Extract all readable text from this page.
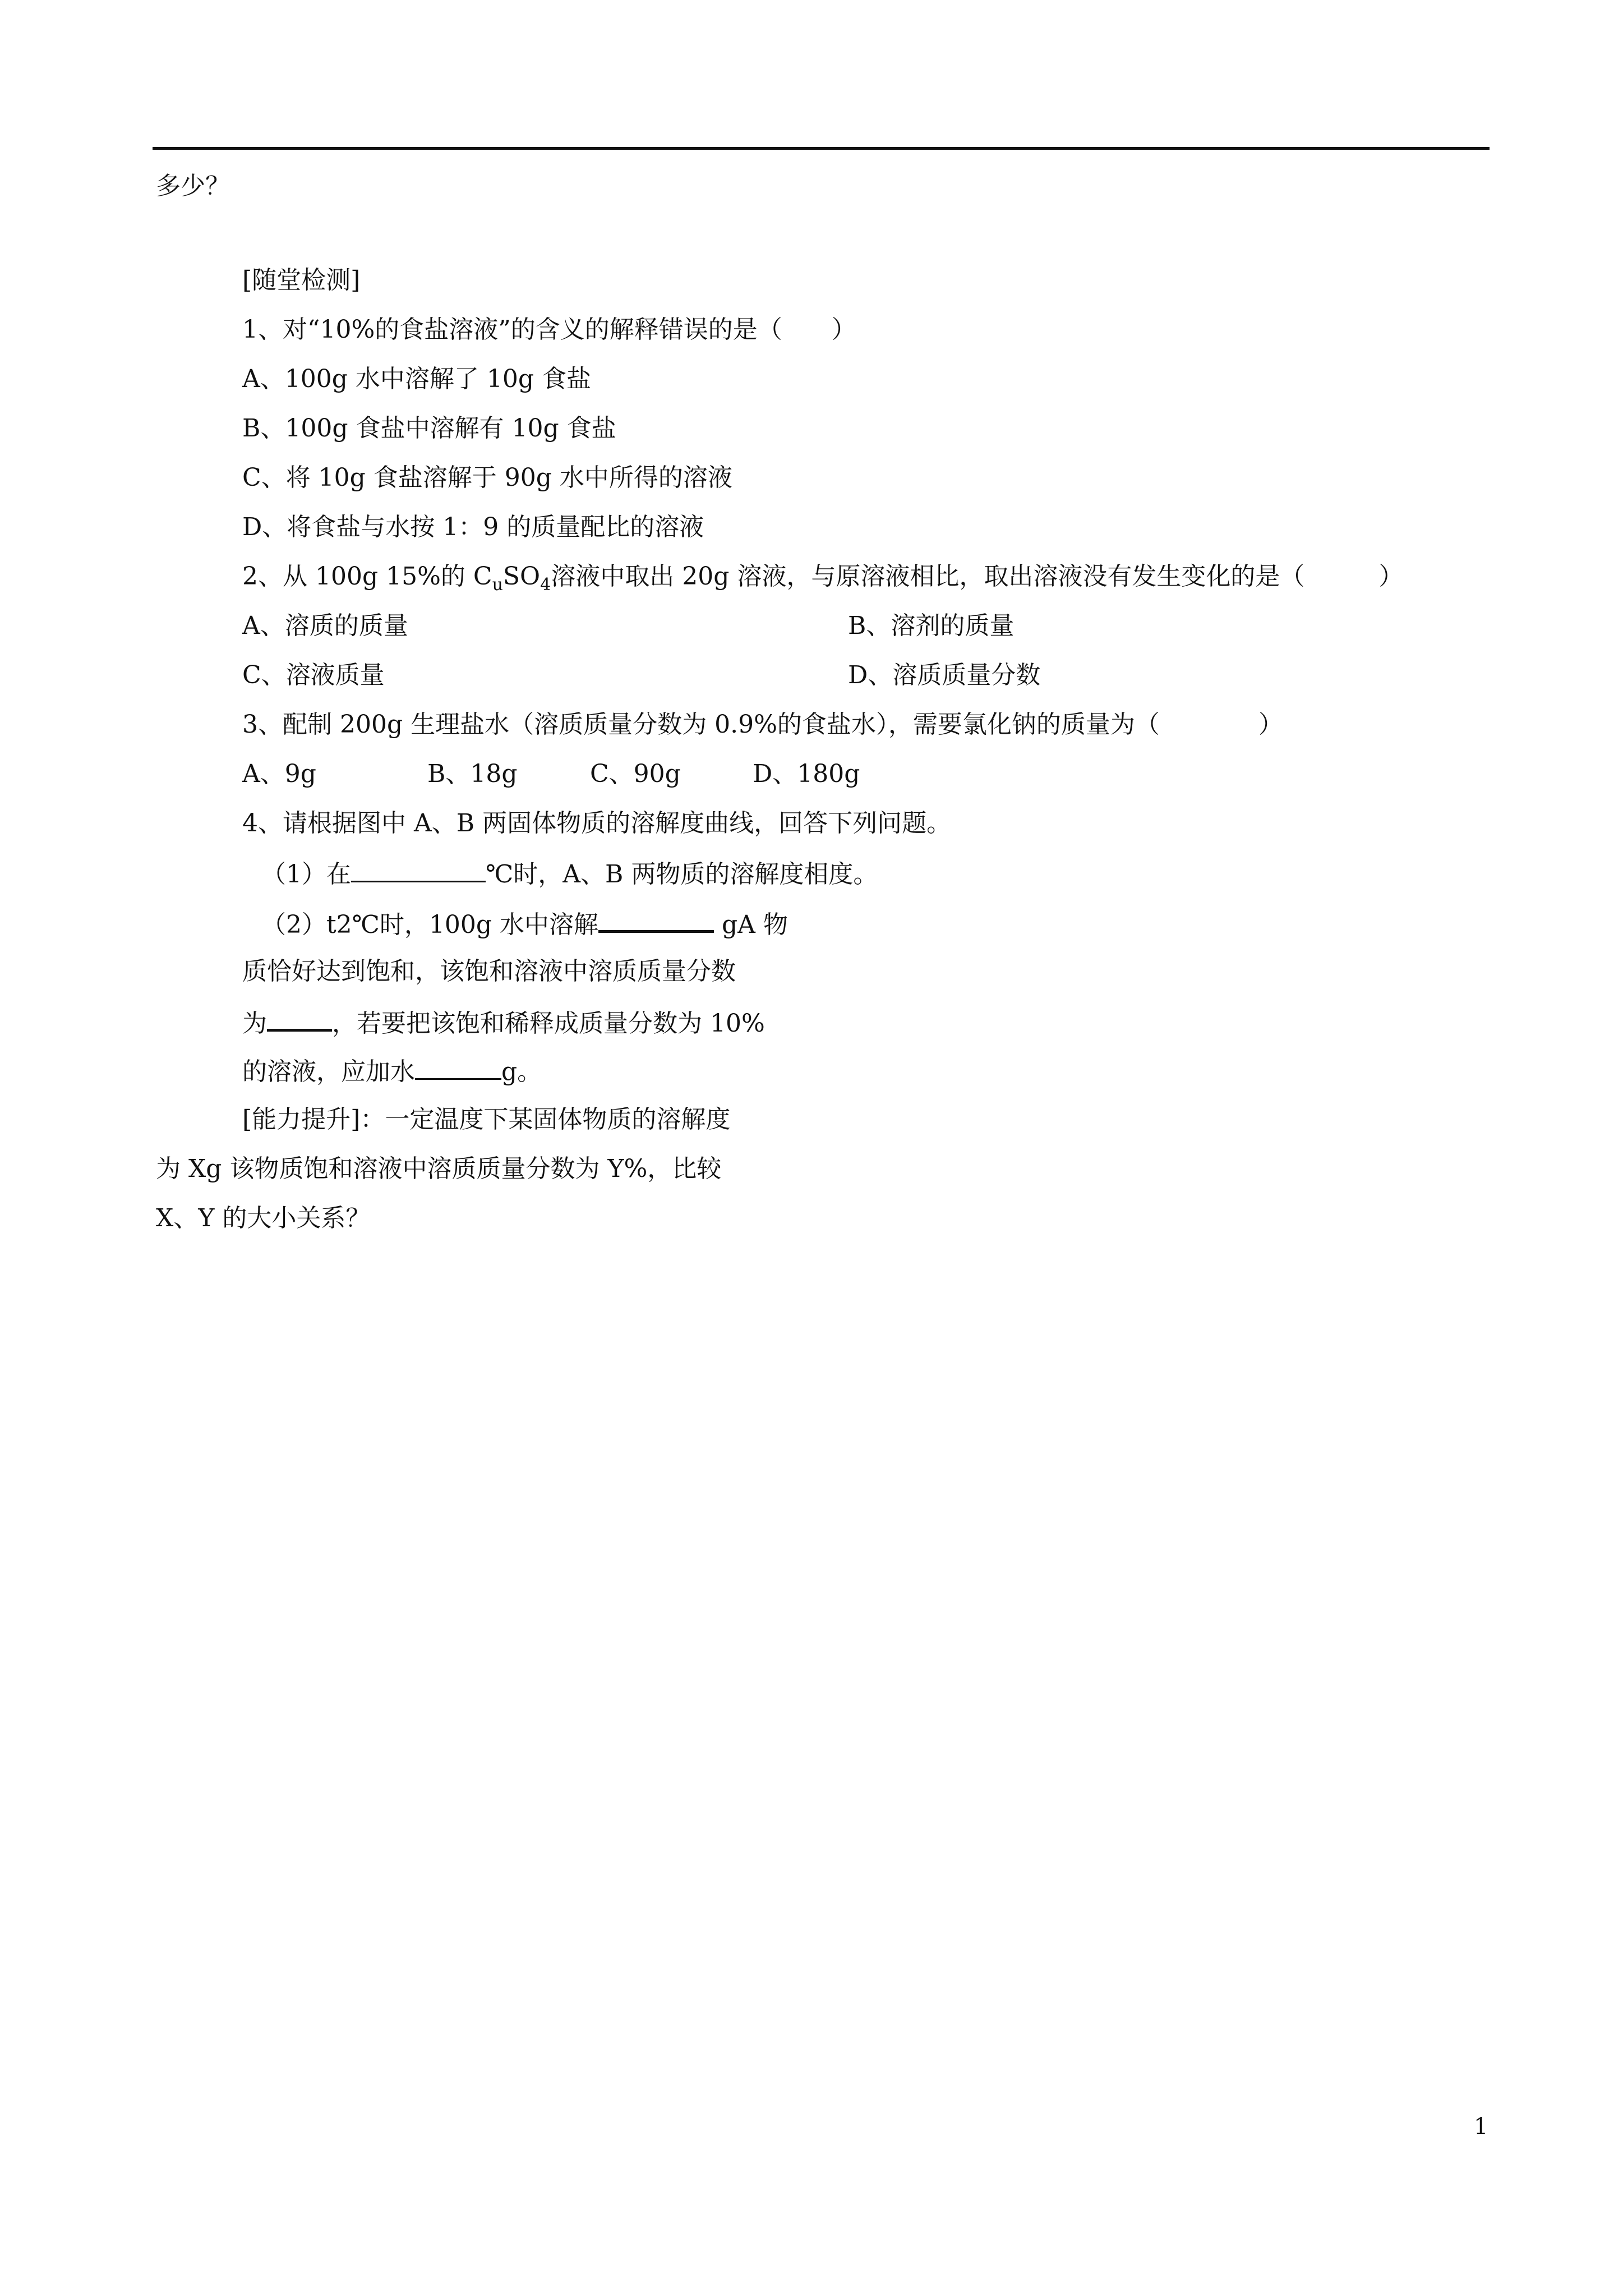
多少？
[随堂检测]
1、对“10%的食盐溶液”的含义的解释错误的是（　　）
A、100g 水中溶解了 10g 食盐
B、100g 食盐中溶解有 10g 食盐
C、将 10g 食盐溶解于 90g 水中所得的溶液
D、将食盐与水按 1：9 的质量配比的溶液
2、从 100g 15%的 $C_uSO_4$溶液中取出 20g 溶液，与原溶液相比，取出溶液没有发生变化的是（　　　）
A、溶质的质量	B、溶剂的质量
C、溶液质量	D、溶质质量分数
3、配制 200g 生理盐水（溶质质量分数为 0.9%的食盐水），需要氯化钠的质量为（　　　　）
A、9g	B、18g	C、90g	D、180g
4、请根据图中 A、B 两固体物质的溶解度曲线，回答下列问题。
（1）在	℃时，A、B 两物质的溶解度相度。
（2）t2℃时，100g 水中溶解	gA 物
质恰好达到饱和，该饱和溶液中溶质质量分数
为	，若要把该饱和稀释成质量分数为 10%
的溶液，应加水	g。
[能力提升]：一定温度下某固体物质的溶解度
为 Xg 该物质饱和溶液中溶质质量分数为 Y%，比较
X、Y 的大小关系？
1
